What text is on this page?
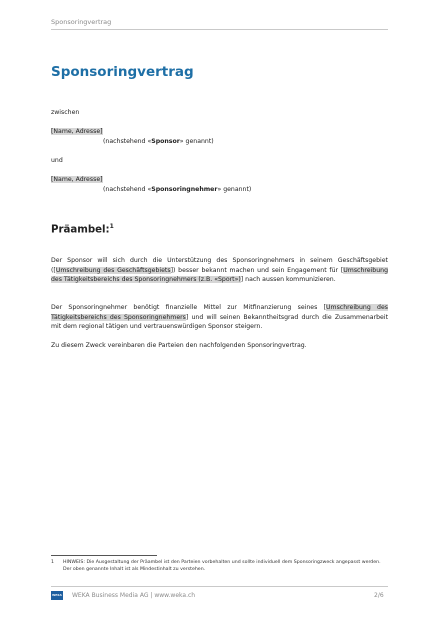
Sponsoringvertrag
Sponsoringvertrag
zwischen
[Name, Adresse]
(nachstehend «Sponsor» genannt)
und
[Name, Adresse]
(nachstehend «Sponsoringnehmer» genannt)
Präambel:$^1$
Der Sponsor will sich durch die Unterstützung des Sponsoringnehmers in seinem Geschäftsgebiet ([Umschreibung des Geschäftsgebiets]) besser bekannt machen und sein Engagement für [Umschreibung des Tätigkeitsbereichs des Sponsoringnehmers (z.B. «Sport»)] nach aussen kommunizieren.
Der Sponsoringnehmer benötigt finanzielle Mittel zur Mitfinanzierung seines [Umschreibung des Tätigkeitsbereichs des Sponsoringnehmers] und will seinen Bekanntheitsgrad durch die Zusammenarbeit mit dem regional tätigen und vertrauenswürdigen Sponsor steigern.
Zu diesem Zweck vereinbaren die Parteien den nachfolgenden Sponsoringvertrag.
1 HINWEIS: Die Ausgestaltung der Präambel ist den Parteien vorbehalten und sollte individuell dem Sponsoringzweck angepasst werden. Der oben genannte Inhalt ist als Mindestinhalt zu verstehen.
WEKA WEKA Business Media AG | www.weka.ch	2/6
